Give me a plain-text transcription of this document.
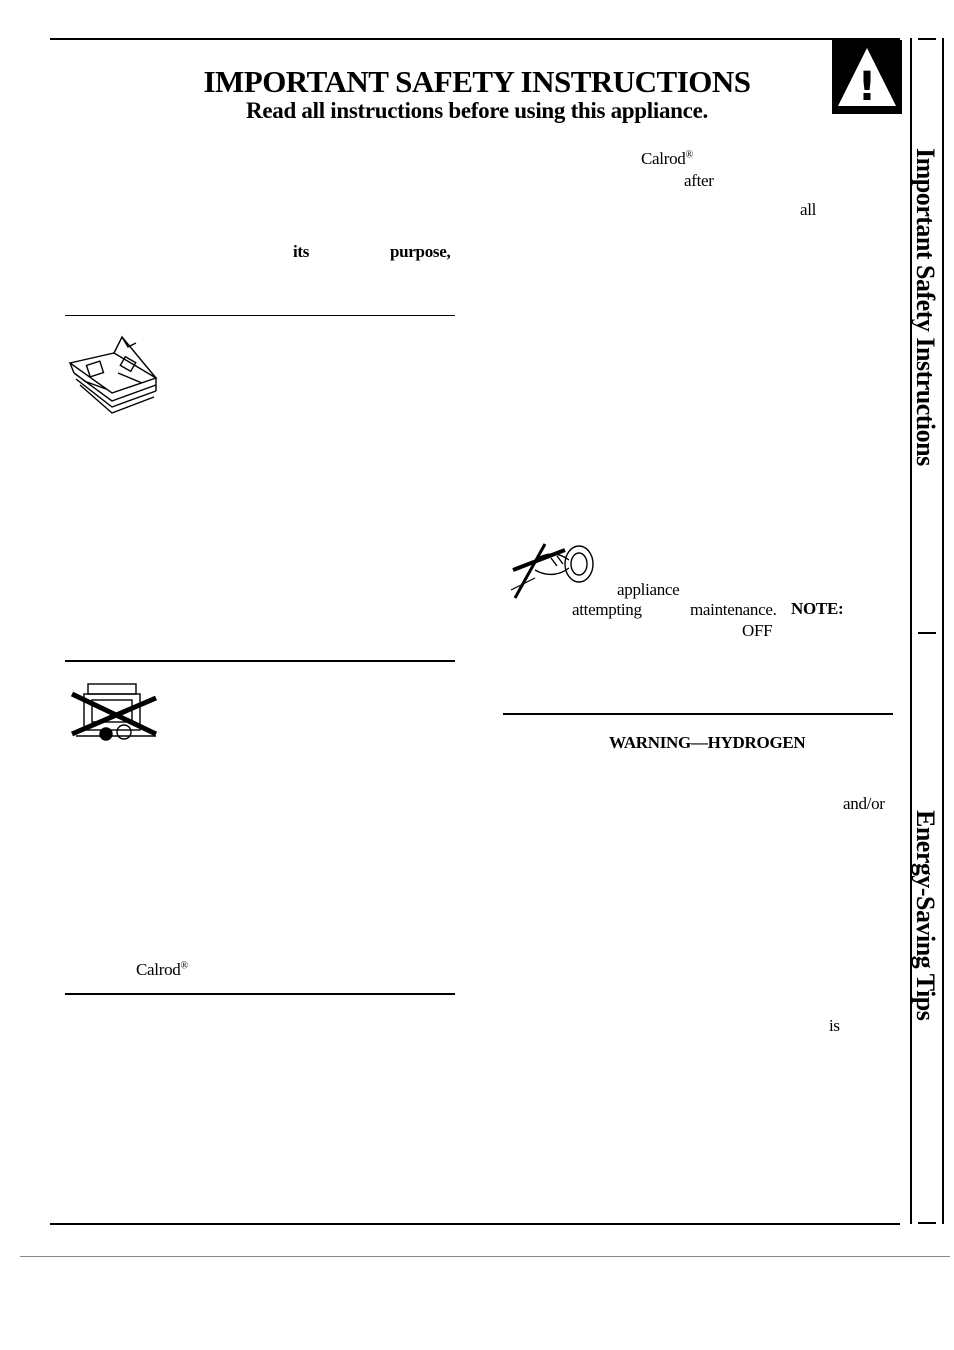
!
IMPORTANT SAFETY INSTRUCTIONS
Read all instructions before using this appliance.
its	purpose,
Calrod®
Calrod®
after
all
appliance
attempting	maintenance. NOTE:
OFF
WARNING—HYDROGEN
and/or
is
Important Safety Instructions
Energy-Saving Tips
